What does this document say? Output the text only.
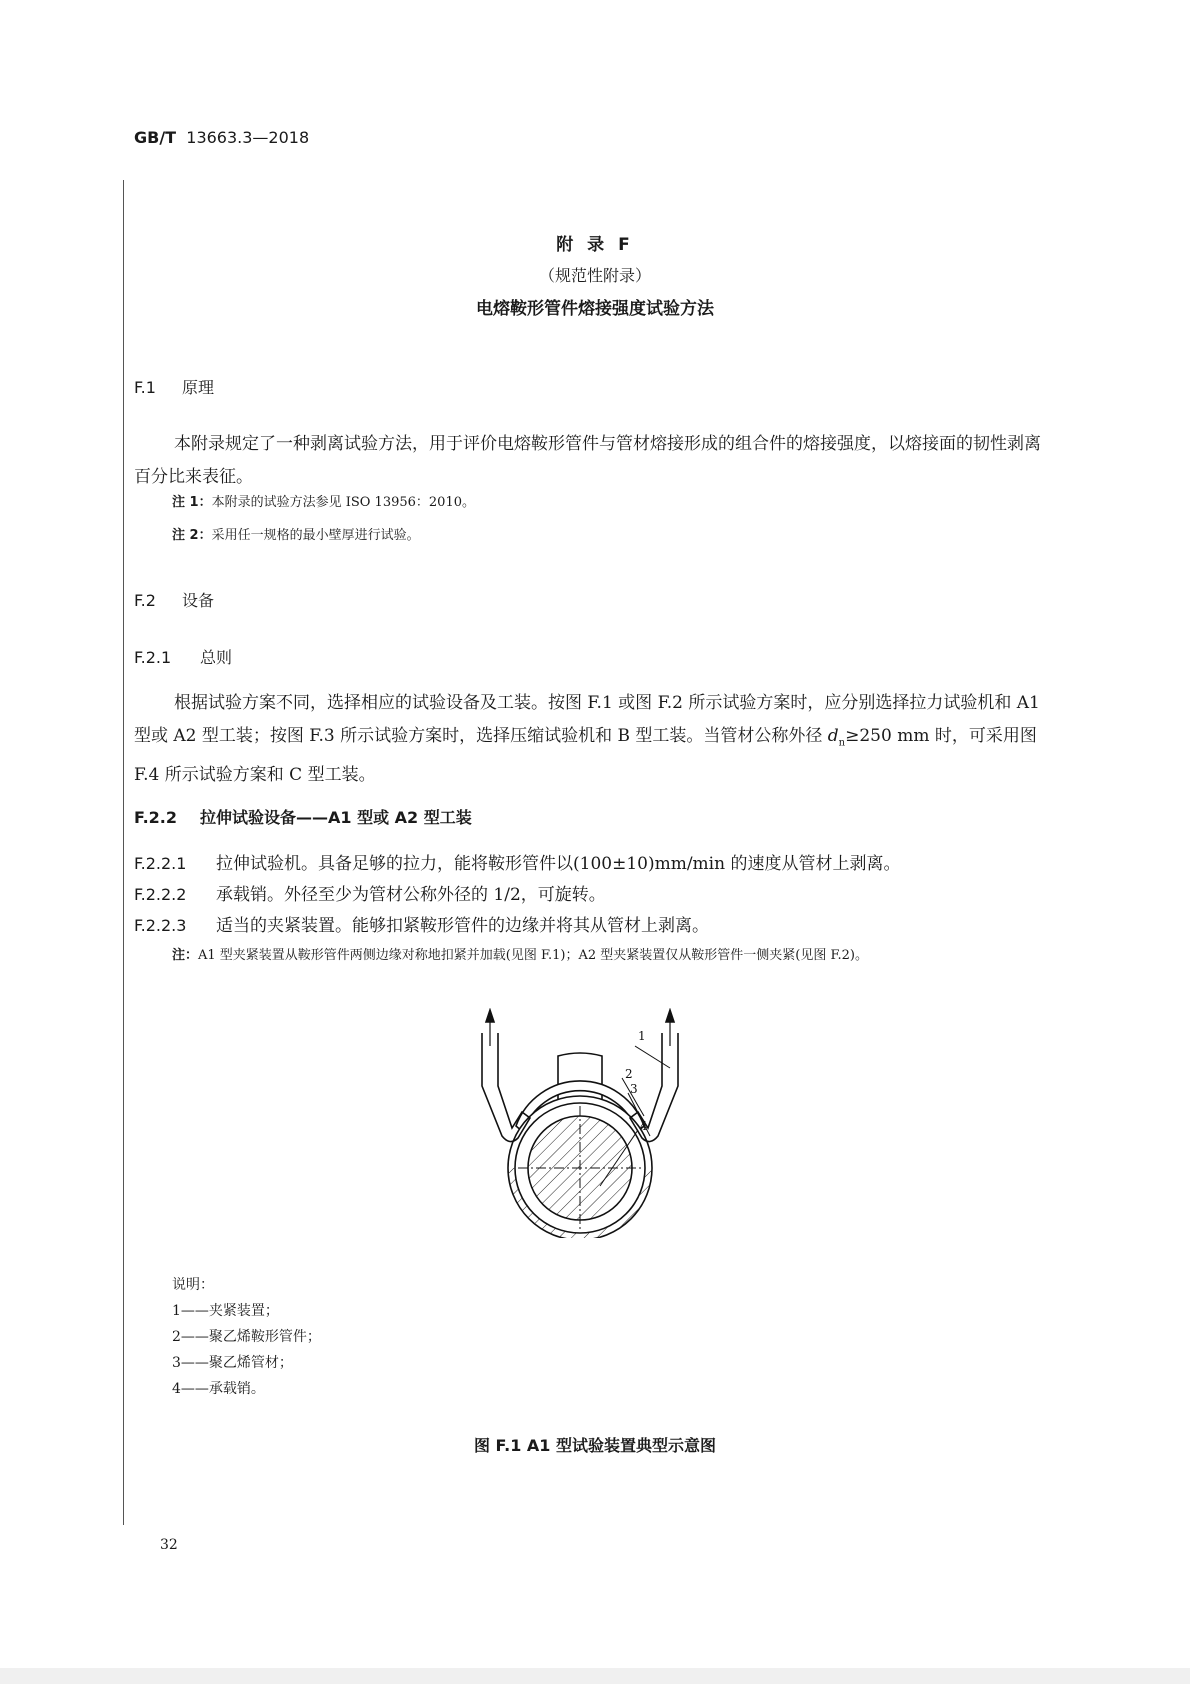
GB/T 13663.3—2018
附 录 F
（规范性附录）
电熔鞍形管件熔接强度试验方法
F.1 原理
本附录规定了一种剥离试验方法，用于评价电熔鞍形管件与管材熔接形成的组合件的熔接强度，以熔接面的韧性剥离百分比来表征。
注 1：本附录的试验方法参见 ISO 13956：2010。
注 2：采用任一规格的最小壁厚进行试验。
F.2 设备
F.2.1 总则
根据试验方案不同，选择相应的试验设备及工装。按图 F.1 或图 F.2 所示试验方案时，应分别选择拉力试验机和 A1 型或 A2 型工装；按图 F.3 所示试验方案时，选择压缩试验机和 B 型工装。当管材公称外径 $d_n\ge 250$ mm 时，可采用图 F.4 所示试验方案和 C 型工装。
F.2.2 拉伸试验设备——A1 型或 A2 型工装
F.2.2.1 拉伸试验机。具备足够的拉力，能将鞍形管件以(100±10)mm/min 的速度从管材上剥离。
F.2.2.2 承载销。外径至少为管材公称外径的 1/2，可旋转。
F.2.2.3 适当的夹紧装置。能够扣紧鞍形管件的边缘并将其从管材上剥离。
注：A1 型夹紧装置从鞍形管件两侧边缘对称地扣紧并加载(见图 F.1)；A2 型夹紧装置仅从鞍形管件一侧夹紧(见图 F.2)。
1
2
3
4
说明：
1——夹紧装置；
2——聚乙烯鞍形管件；
3——聚乙烯管材；
4——承载销。
图 F.1 A1 型试验装置典型示意图
32
